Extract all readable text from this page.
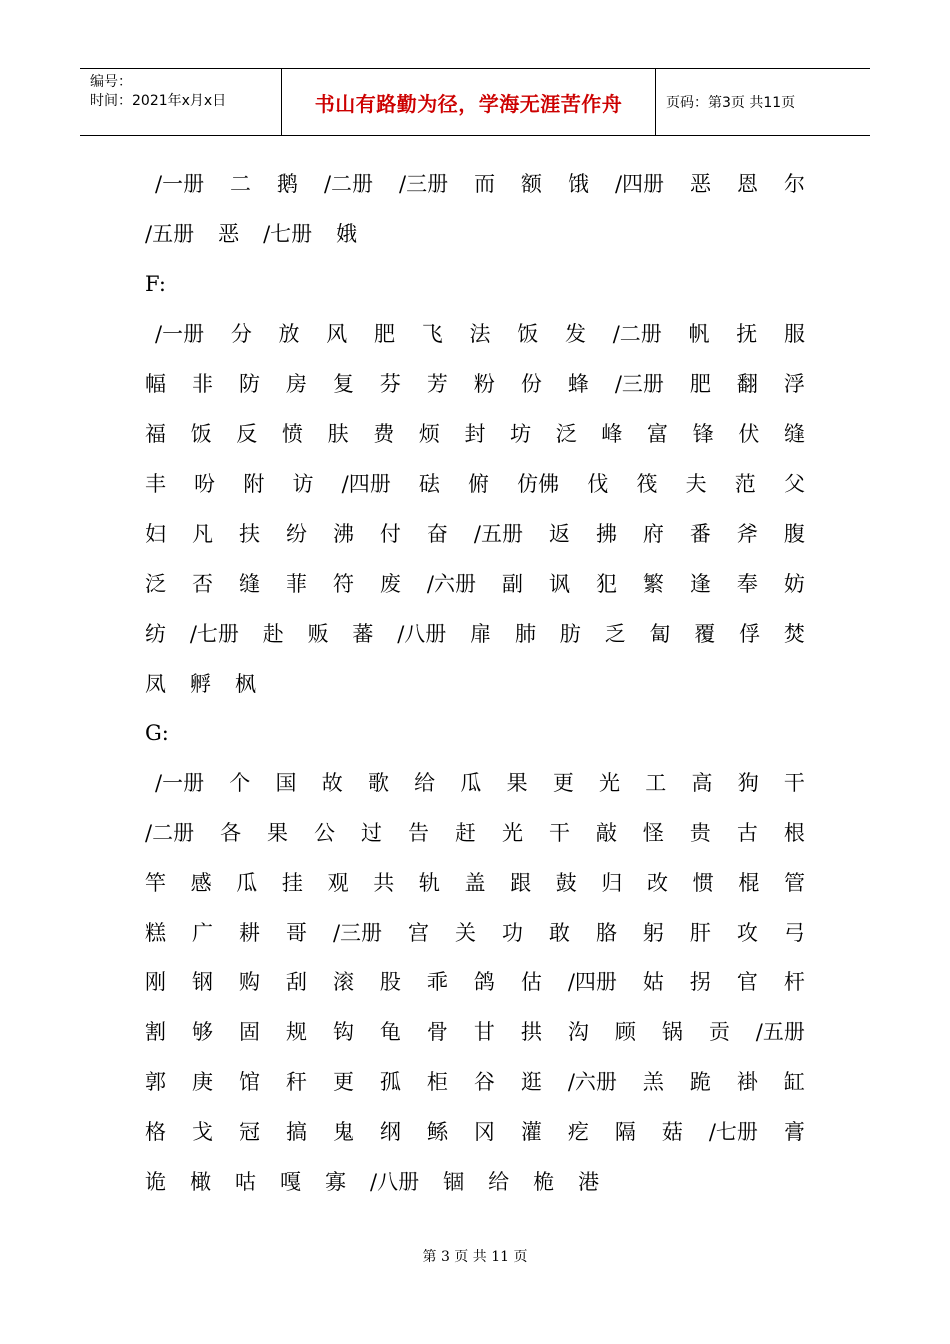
编号：
时间：2021年x月x日	书山有路勤为径，学海无涯苦作舟	页码：第3页 共11页
/一册 二 鹅 /二册 /三册 而 额 饿 /四册 恶 恩 尔
/五册 恶 /七册 娥
F:
/一册 分 放 风 肥 飞 法 饭 发 /二册 帆 抚 服
幅 非 防 房 复 芬 芳 粉 份 蜂 /三册 肥 翻 浮
福 饭 反 愤 肤 费 烦 封 坊 泛 峰 富 锋 伏 缝
丰 吩 附 访 /四册 砝 俯 仿佛 伐 筏 夫 范 父
妇 凡 扶 纷 沸 付 奋 /五册 返 拂 府 番 斧 腹
泛 否 缝 菲 符 废 /六册 副 讽 犯 繁 逢 奉 妨
纺 /七册 赴 贩 蕃 /八册 扉 肺 肪 乏 匐 覆 俘 焚
凤 孵 枫
G:
/一册 个 国 故 歌 给 瓜 果 更 光 工 高 狗 干
/二册 各 果 公 过 告 赶 光 干 敲 怪 贵 古 根
竿 感 瓜 挂 观 共 轨 盖 跟 鼓 归 改 惯 棍 管
糕 广 耕 哥 /三册 宫 关 功 敢 胳 躬 肝 攻 弓
刚 钢 购 刮 滚 股 乖 鸽 估 /四册 姑 拐 官 杆
割 够 固 规 钩 龟 骨 甘 拱 沟 顾 锅 贡 /五册
郭 庚 馆 秆 更 孤 柜 谷 逛 /六册 羔 跪 褂 缸
格 戈 冠 搞 鬼 纲 鲧 冈 灌 疙 隔 菇 /七册 膏
诡 橄 咕 嘎 寡 /八册 锢 给 桅 港
第 3 页 共 11 页
